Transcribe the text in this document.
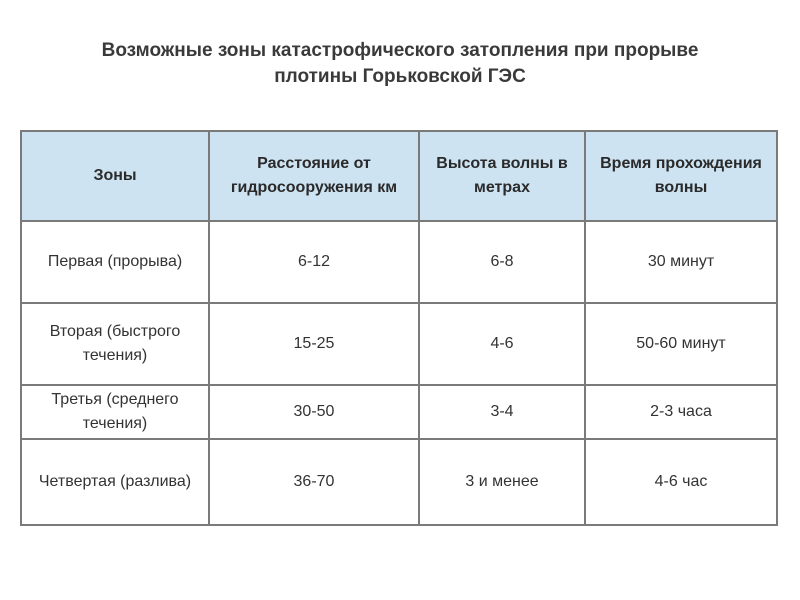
Возможные зоны катастрофического затопления при прорыве
плотины Горьковской ГЭС
Зоны	Расстояние от гидросооружения км	Высота волны в метрах	Время прохождения волны

Первая (прорыва)	6-12	6-8	30 минут

Вторая (быстрого течения)	15-25	4-6	50-60 минут

Третья (среднего течения)	30-50	3-4	2-3 часа

Четвертая (разлива)	36-70	3 и менее	4-6 час
